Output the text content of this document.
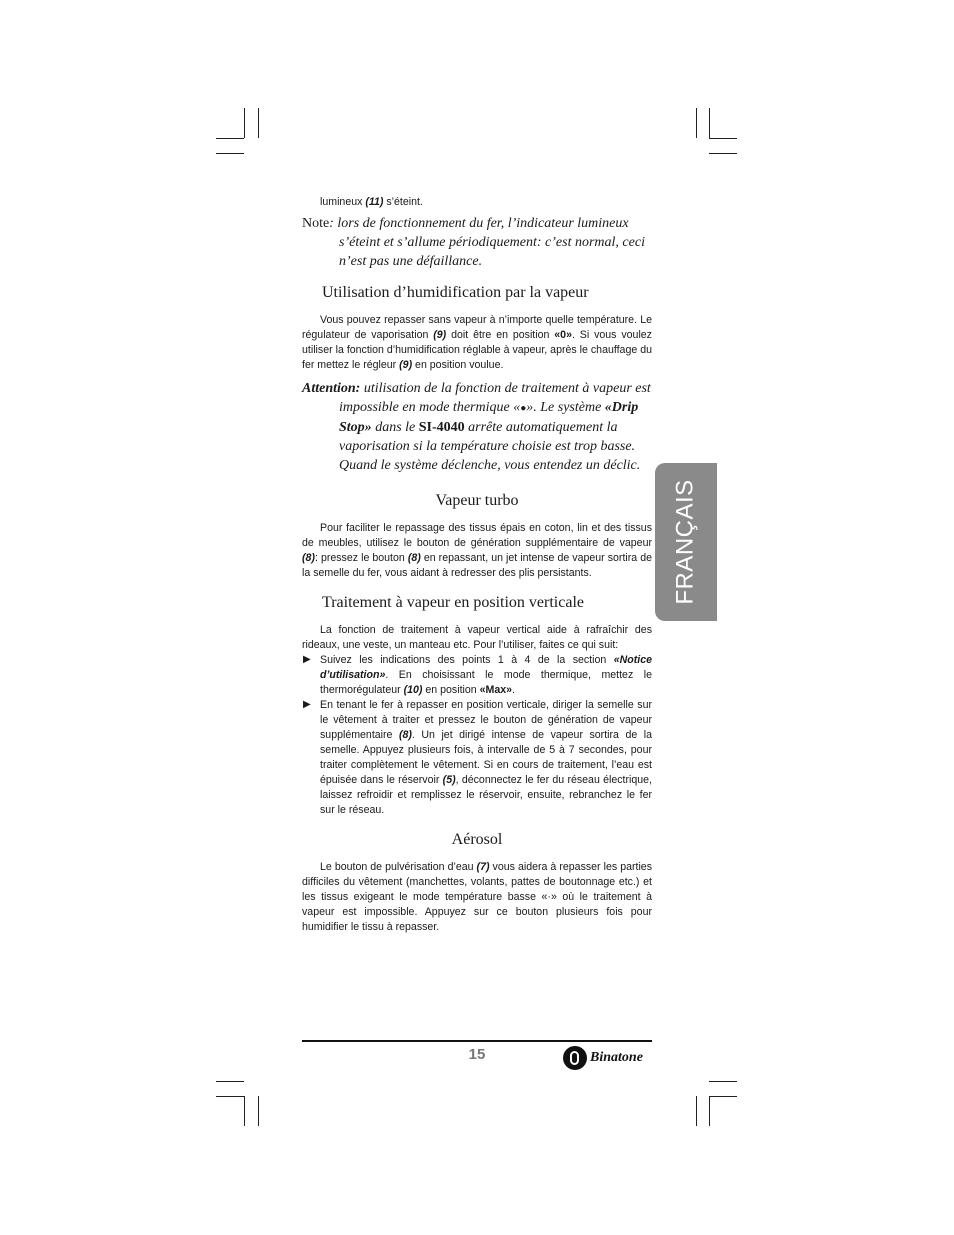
lumineux (11) s’éteint.

Note: lors de fonctionnement du fer, l’indicateur lumineux s’éteint et s’allume périodiquement: c’est normal, ceci n’est pas une défaillance.

Utilisation d’humidification par la vapeur

Vous pouvez repasser sans vapeur à n’importe quelle température. Le régulateur de vaporisation (9) doit être en position «0». Si vous voulez utiliser la fonction d’humidification réglable à vapeur, après le chauffage du fer mettez le régleur (9) en position voulue.

Attention: utilisation de la fonction de traitement à vapeur est impossible en mode thermique «●». Le système «Drip Stop» dans le SI-4040 arrête automatiquement la vaporisation si la température choisie est trop basse. Quand le système déclenche, vous entendez un déclic.

Vapeur turbo

Pour faciliter le repassage des tissus épais en coton, lin et des tissus de meubles, utilisez le bouton de génération supplémentaire de vapeur (8): pressez le bouton (8) en repassant, un jet intense de vapeur sortira de la semelle du fer, vous aidant à redresser des plis persistants.

Traitement à vapeur en position verticale

La fonction de traitement à vapeur vertical aide à rafraîchir des rideaux, une veste, un manteau etc. Pour l’utiliser, faites ce qui suit:

▶ Suivez les indications des points 1 à 4 de la section «Notice d’utilisation». En choisissant le mode thermique, mettez le thermorégulateur (10) en position «Max».
▶ En tenant le fer à repasser en position verticale, diriger la semelle sur le vêtement à traiter et pressez le bouton de génération de vapeur supplémentaire (8). Un jet dirigé intense de vapeur sortira de la semelle. Appuyez plusieurs fois, à intervalle de 5 à 7 secondes, pour traiter complètement le vêtement. Si en cours de traitement, l’eau est épuisée dans le réservoir (5), déconnectez le fer du réseau électrique, laissez refroidir et remplissez le réservoir, ensuite, rebranchez le fer sur le réseau.

Aérosol

Le bouton de pulvérisation d’eau (7) vous aidera à repasser les parties difficiles du vêtement (manchettes, volants, pattes de boutonnage etc.) et les tissus exigeant le mode température basse «·» où le traitement à vapeur est impossible. Appuyez sur ce bouton plusieurs fois pour humidifier le tissu à repasser.

FRANÇAIS
15	Binatone
